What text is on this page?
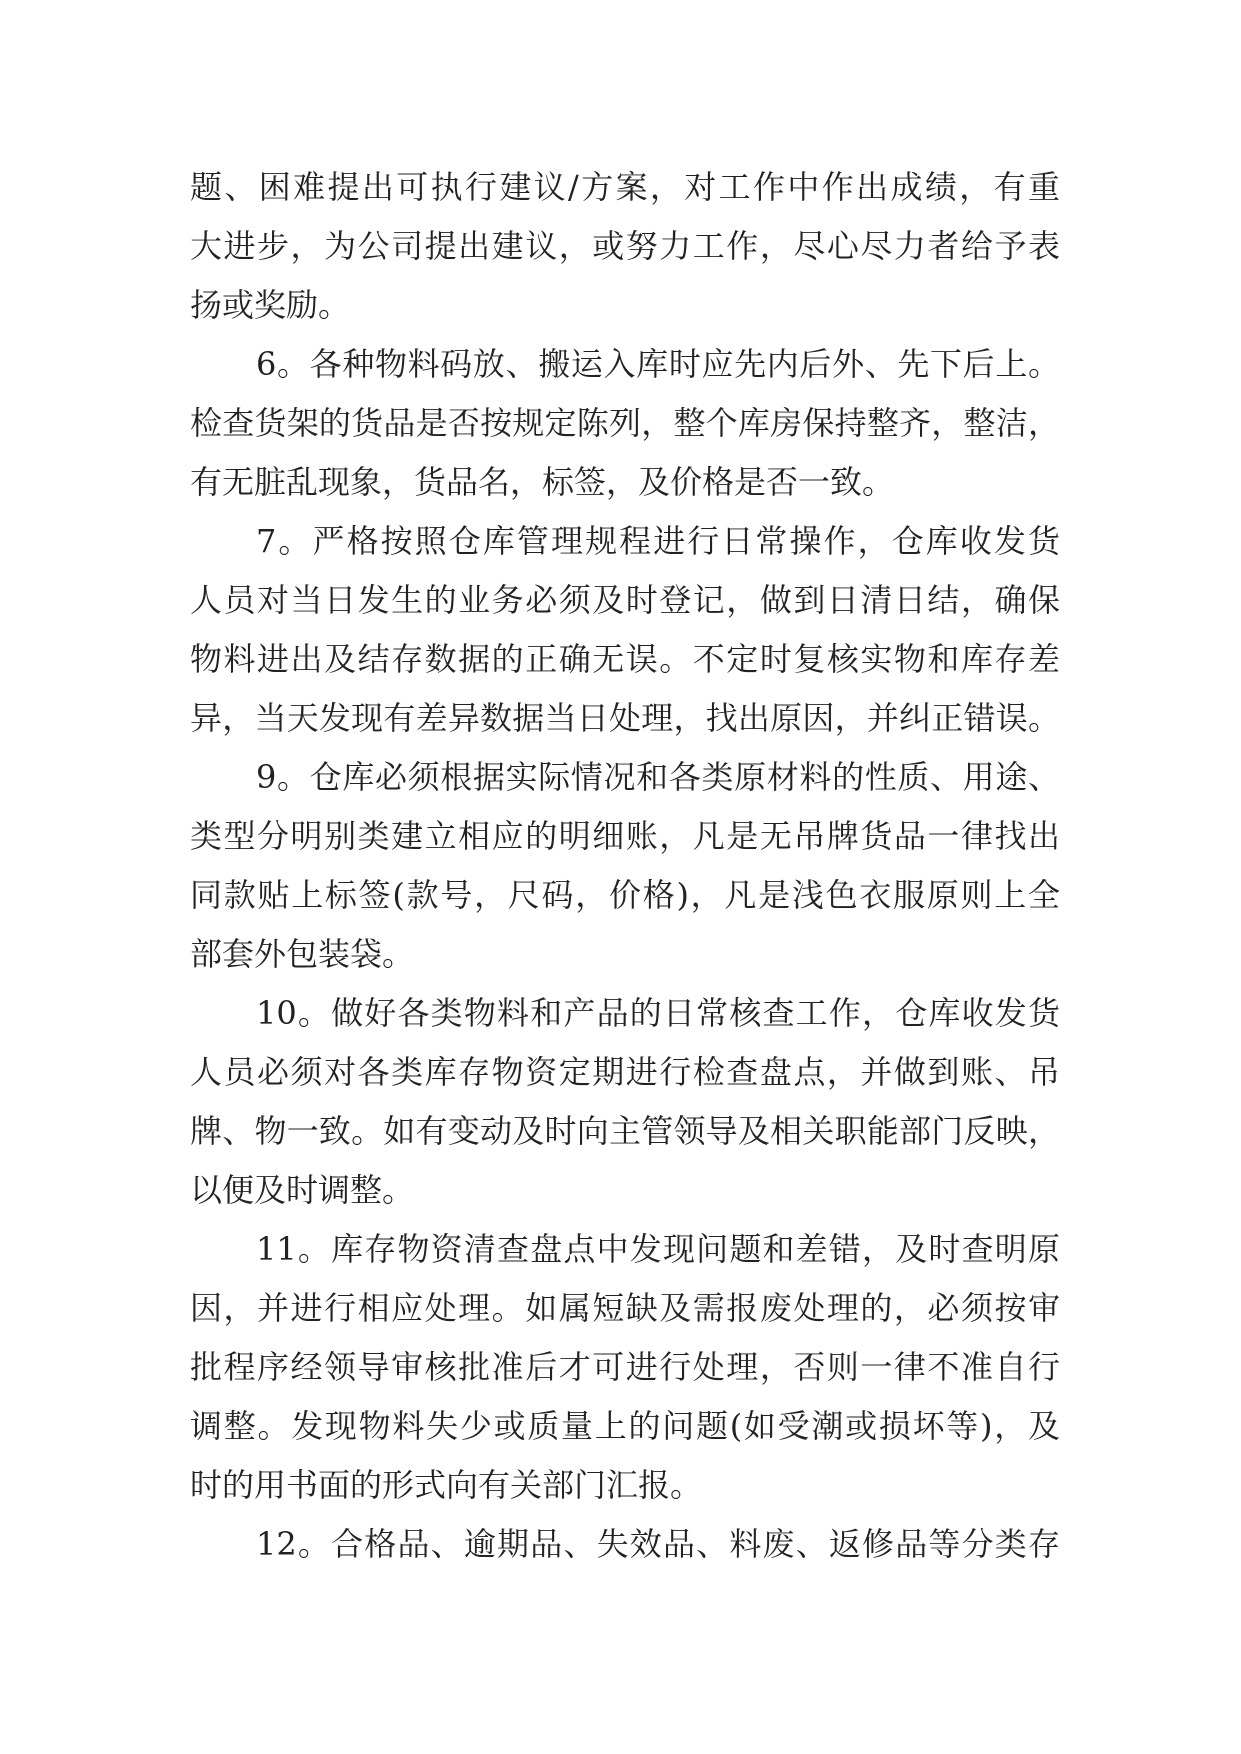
题、困难提出可执行建议/方案，对工作中作出成绩，有重
大进步，为公司提出建议，或努力工作，尽心尽力者给予表
扬或奖励。
6。各种物料码放、搬运入库时应先内后外、先下后上。
检查货架的货品是否按规定陈列，整个库房保持整齐，整洁，
有无脏乱现象，货品名，标签，及价格是否一致。
7。严格按照仓库管理规程进行日常操作，仓库收发货
人员对当日发生的业务必须及时登记，做到日清日结，确保
物料进出及结存数据的正确无误。不定时复核实物和库存差
异，当天发现有差异数据当日处理，找出原因，并纠正错误。
9。仓库必须根据实际情况和各类原材料的性质、用途、
类型分明别类建立相应的明细账，凡是无吊牌货品一律找出
同款贴上标签(款号，尺码，价格)，凡是浅色衣服原则上全
部套外包装袋。
10。做好各类物料和产品的日常核查工作，仓库收发货
人员必须对各类库存物资定期进行检查盘点，并做到账、吊
牌、物一致。如有变动及时向主管领导及相关职能部门反映，
以便及时调整。
11。库存物资清查盘点中发现问题和差错，及时查明原
因，并进行相应处理。如属短缺及需报废处理的，必须按审
批程序经领导审核批准后才可进行处理，否则一律不准自行
调整。发现物料失少或质量上的问题(如受潮或损坏等)，及
时的用书面的形式向有关部门汇报。
12。合格品、逾期品、失效品、料废、返修品等分类存
